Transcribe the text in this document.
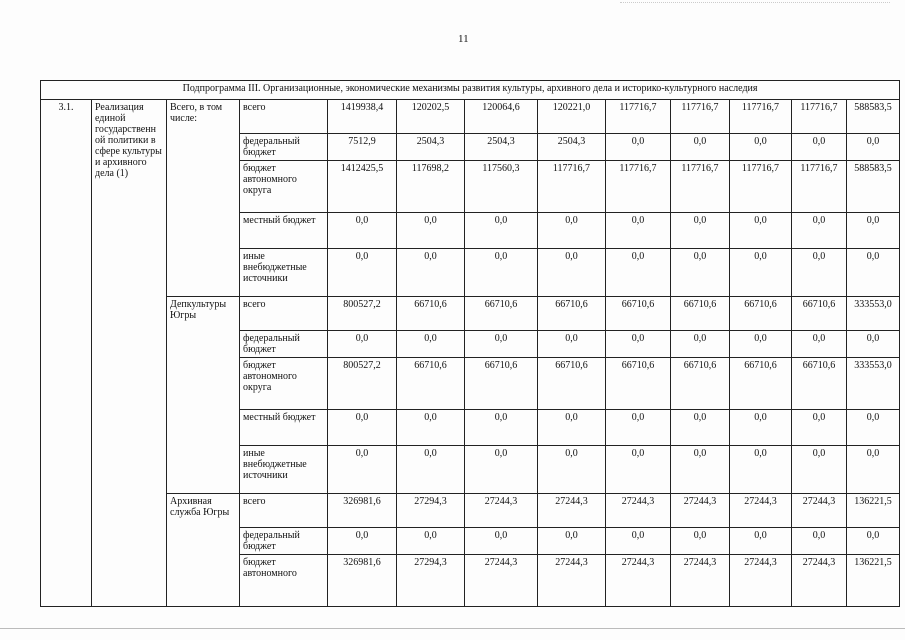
11
Подпрограмма III. Организационные, экономические механизмы развития культуры, архивного дела и историко-культурного наследия												
3.1.	Реализация единой государственн ой политики в сфере культуры и архивного дела (1)	Всего, в том числе:	всего	1419938,4	120202,5	120064,6	120221,0	117716,7	117716,7	117716,7	117716,7	588583,5
			федеральный бюджет	7512,9	2504,3	2504,3	2504,3	0,0	0,0	0,0	0,0	0,0
			бюджет автономного округа	1412425,5	117698,2	117560,3	117716,7	117716,7	117716,7	117716,7	117716,7	588583,5
			местный бюджет	0,0	0,0	0,0	0,0	0,0	0,0	0,0	0,0	0,0
			иные внебюджетные источники	0,0	0,0	0,0	0,0	0,0	0,0	0,0	0,0	0,0
		Депкультуры Югры	всего	800527,2	66710,6	66710,6	66710,6	66710,6	66710,6	66710,6	66710,6	333553,0
			федеральный бюджет	0,0	0,0	0,0	0,0	0,0	0,0	0,0	0,0	0,0
			бюджет автономного округа	800527,2	66710,6	66710,6	66710,6	66710,6	66710,6	66710,6	66710,6	333553,0
			местный бюджет	0,0	0,0	0,0	0,0	0,0	0,0	0,0	0,0	0,0
			иные внебюджетные источники	0,0	0,0	0,0	0,0	0,0	0,0	0,0	0,0	0,0
		Архивная служба Югры	всего	326981,6	27294,3	27244,3	27244,3	27244,3	27244,3	27244,3	27244,3	136221,5
			федеральный бюджет	0,0	0,0	0,0	0,0	0,0	0,0	0,0	0,0	0,0
			бюджет автономного	326981,6	27294,3	27244,3	27244,3	27244,3	27244,3	27244,3	27244,3	136221,5
